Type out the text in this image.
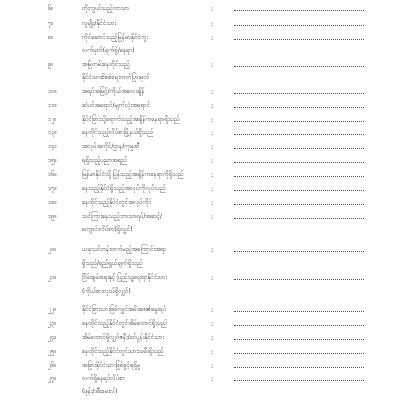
၆။	ကိုးကွယ်သည့်ဘာသာ	:
၇။	လူမျိုး/နိုင်ငံသား	:
၈။	ကိုင်ဆောင်သည့်မြန်မာနိုင်ငံကူး	:
လက်မှတ်(ရက်စွဲ/နေရာ)
၉။	အမြဲတမ်းနေထိုင်သည့်	:
နိုင်ငံသားစိစစ်ရေးကတ်ပြားမှတ်
၁၀။	အရပ်အမြင့်/ကိုယ်အလေးချိန်	:
၁၁။	ဆံပင်အရောင်/မျက်လုံးအရောင်	:
၁၂။	နိုင်ငံခြားသို့ရောက်သည့်အချိန်ကနေရာ၊ရှိသည်	:
၁၃။	နေထိုင်သည့်လိပ်စာမြို့နယ်ရှိသည်	:
၁၄။	အလုပ်အကိုင်/ဌာန/ကုမ္ပဏီ	:
၁၅။	ရရှိသည့်ပညာအရည်	:
၁၆။	မြန်မာနိုင်ငံသို့ပြန်သည့်အချိန်ကနေရာကိုရှိသည်	:
၁၇။	နေသည့်နိုင်ငံရှိသည့်အလုပ်ကိုလုပ်သည်	:
၁၈။	နေထိုင်သည့်နိုင်ငံတွင်အလုပ်ကိုင်	:
၁၉။	သင်ကြားနေသည့်ဘာသာရပ်/အဆင့်/	:
ကျောင်းလိပ်စာ(ရှိလျှင်)
၂၀။	ယခုသင်တန်းတက်မည့်အကြောင်းအရာ	:
ရှိသည်/ရည်ရွယ်ချက်ရှိသည်
၂၁။	ငြိမ်းချမ်းရေးနှင့် ပြည်သူ့ရေးရာနိုင်ငံသား	:
(ကိုယ်စားလှယ်ရှိလျှင်)
၂၂။	နိုင်ငံခြားသားဖြစ်လျှင်အမိအဖ၏မွေးရပ်	:
၂၃။	နေထိုင်သည့်နိုင်ငံတွင်အိမ်ထောင်ရှိသည်	:
၂၄။	အိမ်ထောင်ရှိလျှင်ဇနီး/ခင်ပွန်းနိုင်ငံသား	:
၂၅။	နေထိုင်သည့်နိုင်ငံတွင်သားသမီးရှိသည်	:
၂၆။	အခြားနိုင်ငံသားဖြစ်ခွင့်ရရှိမှု	:
၂၇။	လက်ရှိနေရပ်လိပ်စာ	:
(ဖုန်း/အီးမေးလ်)
